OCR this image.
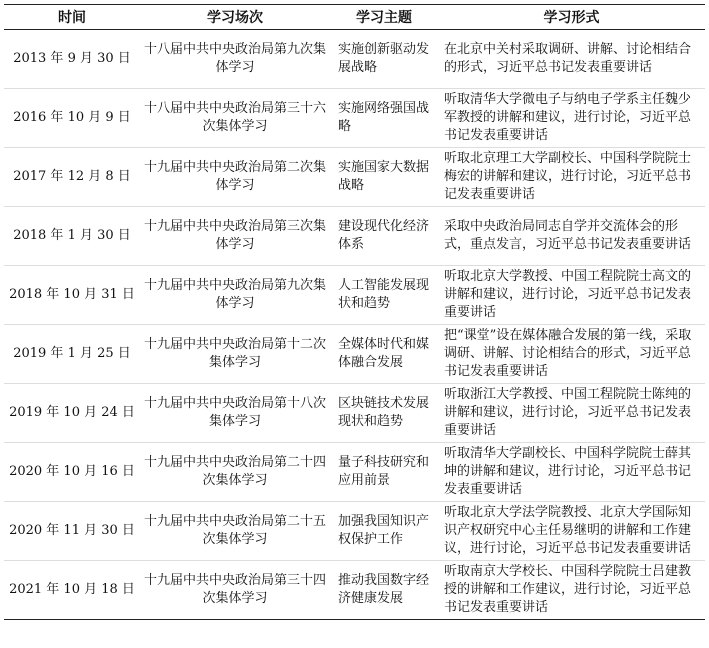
时间	学习场次	学习主题	学习形式
2013 年 9 月 30 日	十八届中共中央政治局第九次集体学习	实施创新驱动发展战略	在北京中关村采取调研、讲解、讨论相结合的形式，习近平总书记发表重要讲话
2016 年 10 月 9 日	十八届中共中央政治局第三十六次集体学习	实施网络强国战略	听取清华大学微电子与纳电子学系主任魏少军教授的讲解和建议，进行讨论，习近平总书记发表重要讲话
2017 年 12 月 8 日	十九届中共中央政治局第二次集体学习	实施国家大数据战略	听取北京理工大学副校长、中国科学院院士梅宏的讲解和建议，进行讨论，习近平总书记发表重要讲话
2018 年 1 月 30 日	十九届中共中央政治局第三次集体学习	建设现代化经济体系	采取中央政治局同志自学并交流体会的形式，重点发言，习近平总书记发表重要讲话
2018 年 10 月 31 日	十九届中共中央政治局第九次集体学习	人工智能发展现状和趋势	听取北京大学教授、中国工程院院士高文的讲解和建议，进行讨论，习近平总书记发表重要讲话
2019 年 1 月 25 日	十九届中共中央政治局第十二次集体学习	全媒体时代和媒体融合发展	把“课堂”设在媒体融合发展的第一线，采取调研、讲解、讨论相结合的形式，习近平总书记发表重要讲话
2019 年 10 月 24 日	十九届中共中央政治局第十八次集体学习	区块链技术发展现状和趋势	听取浙江大学教授、中国工程院院士陈纯的讲解和建议，进行讨论，习近平总书记发表重要讲话
2020 年 10 月 16 日	十九届中共中央政治局第二十四次集体学习	量子科技研究和应用前景	听取清华大学副校长、中国科学院院士薛其坤的讲解和建议，进行讨论，习近平总书记发表重要讲话
2020 年 11 月 30 日	十九届中共中央政治局第二十五次集体学习	加强我国知识产权保护工作	听取北京大学法学院教授、北京大学国际知识产权研究中心主任易继明的讲解和工作建议，进行讨论，习近平总书记发表重要讲话
2021 年 10 月 18 日	十九届中共中央政治局第三十四次集体学习	推动我国数字经济健康发展	听取南京大学校长、中国科学院院士吕建教授的讲解和工作建议，进行讨论，习近平总书记发表重要讲话
